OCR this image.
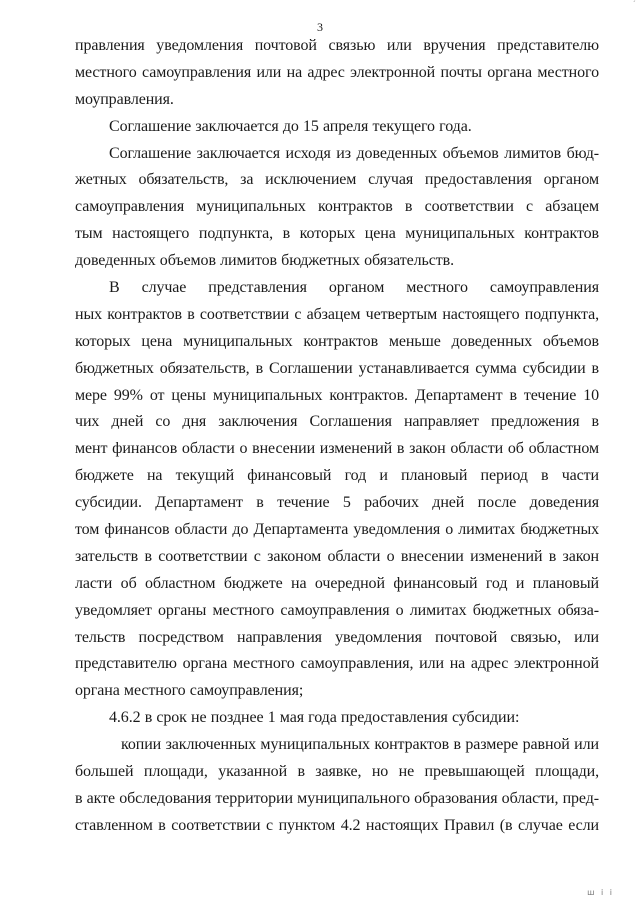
´
3
правления уведомления почтовой связью или вручения представителю
местного самоуправления или на адрес электронной почты органа местного
моуправления.
Соглашение заключается до 15 апреля текущего года.
Соглашение заключается исходя из доведенных объемов лимитов бюд-
жетных обязательств, за исключением случая предоставления органом
самоуправления муниципальных контрактов в соответствии с абзацем
тым настоящего подпункта, в которых цена муниципальных контрактов
доведенных объемов лимитов бюджетных обязательств.
В случае представления органом местного самоуправления
ных контрактов в соответствии с абзацем четвертым настоящего подпункта,
которых цена муниципальных контрактов меньше доведенных объемов
бюджетных обязательств, в Соглашении устанавливается сумма субсидии в
мере 99% от цены муниципальных контрактов. Департамент в течение 10
чих дней со дня заключения Соглашения направляет предложения в
мент финансов области о внесении изменений в закон области об областном
бюджете на текущий финансовый год и плановый период в части
субсидии. Департамент в течение 5 рабочих дней после доведения
том финансов области до Департамента уведомления о лимитах бюджетных
зательств в соответствии с законом области о внесении изменений в закон
ласти об областном бюджете на очередной финансовый год и плановый
уведомляет органы местного самоуправления о лимитах бюджетных обяза-
тельств посредством направления уведомления почтовой связью, или
представителю органа местного самоуправления, или на адрес электронной
органа местного самоуправления;
4.6.2 в срок не позднее 1 мая года предоставления субсидии:
копии заключенных муниципальных контрактов в размере равной или
большей площади, указанной в заявке, но не превышающей площади,
в акте обследования территории муниципального образования области, пред-
ставленном в соответствии с пунктом 4.2 настоящих Правил (в случае если
ш і і
